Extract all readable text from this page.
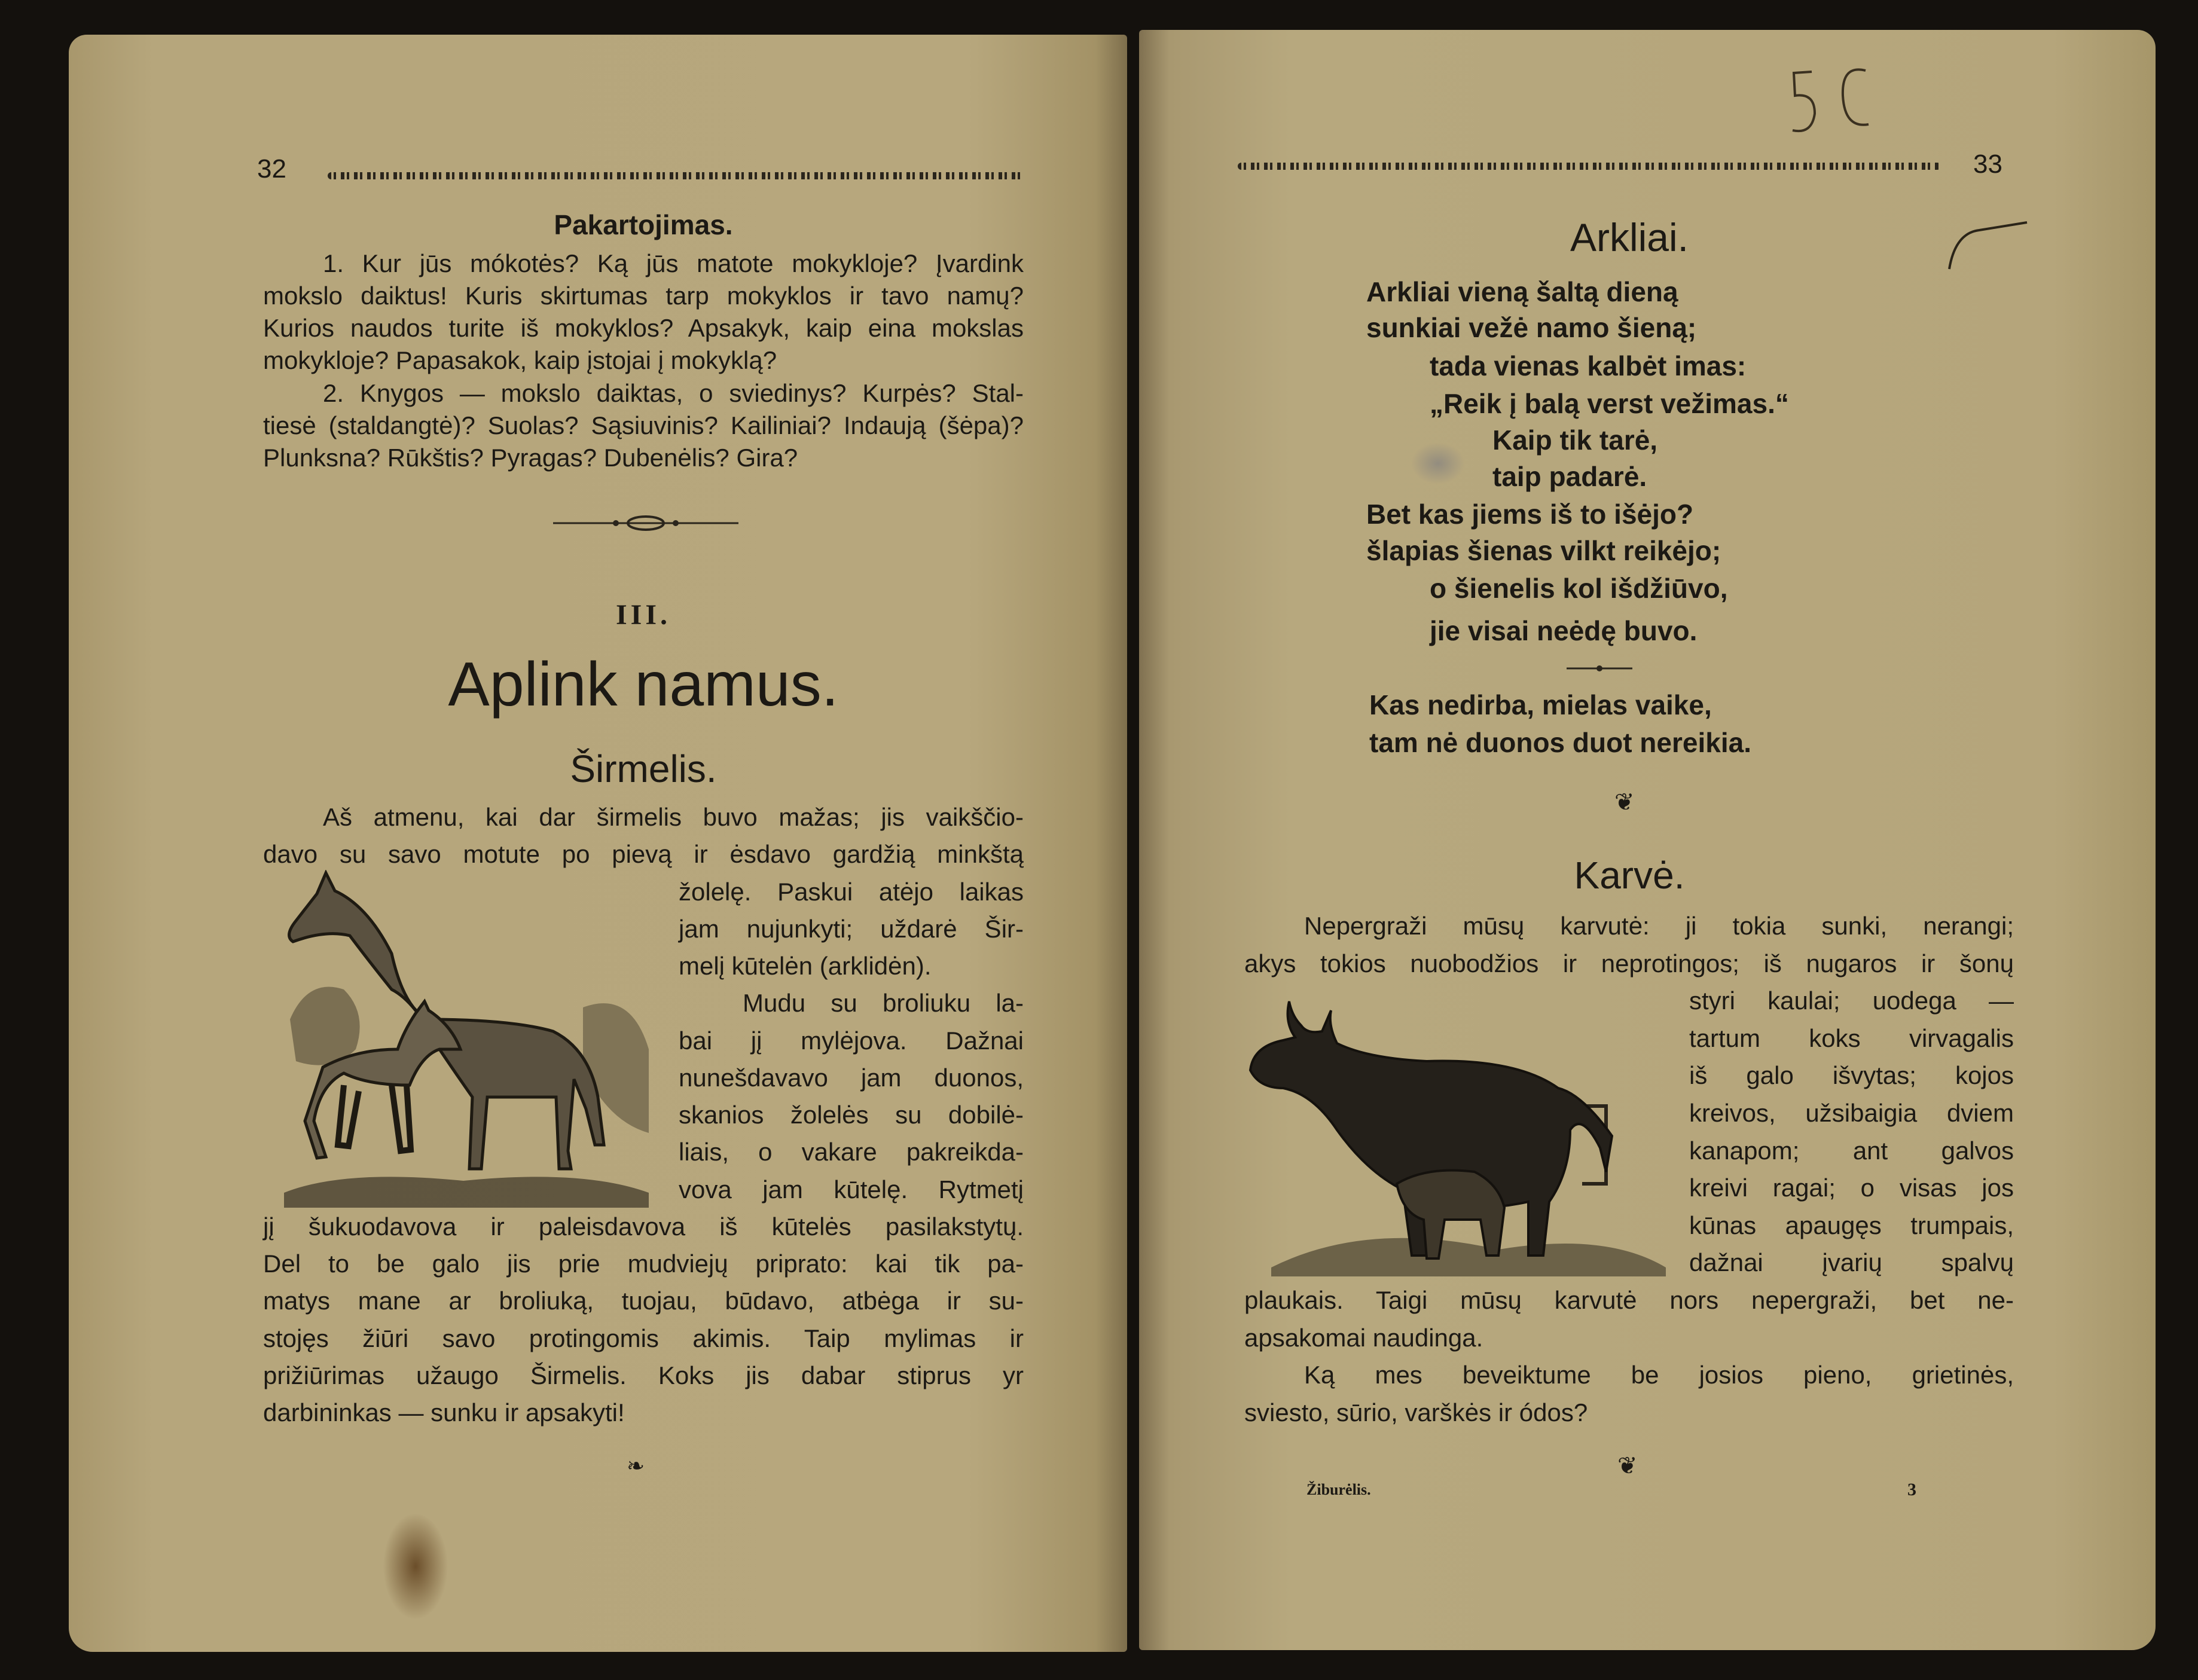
32
Pakartojimas.
III.
Aplink namus.
Širmelis.
❧
33
Arkliai.
❦
Karvė.
Žiburėlis.	3
❦
1. Kur jūs mókotės? Ką jūs matote mokykloje? Įvardink
mokslo daiktus! Kuris skirtumas tarp mokyklos ir tavo namų?
Kurios naudos turite iš mokyklos? Apsakyk, kaip eina mokslas
mokykloje? Papasakok, kaip įstojai į mokyklą?
2. Knygos — mokslo daiktas, o sviedinys? Kurpės? Stal-
tiesė (staldangtė)? Suolas? Sąsiuvinis? Kailiniai? Indaują (šėpa)?
Plunksna? Rūkštis? Pyragas? Dubenėlis? Gira?
Aš atmenu, kai dar širmelis buvo mažas; jis vaikščio-
davo su savo motute po pievą ir ėsdavo gardžią minkštą
žolelę. Paskui atėjo laikas
jam nujunkyti; uždarė Šir-
melį kūtelėn (arklidėn).
Mudu su broliuku la-
bai jį mylėjova. Dažnai
nunešdavavo jam duonos,
skanios žolelės su dobilė-
liais, o vakare pakreikda-
vova jam kūtelę. Rytmetį
jį šukuodavova ir paleisdavova iš kūtelės pasilakstytų.
Del to be galo jis prie mudviejų priprato: kai tik pa-
matys mane ar broliuką, tuojau, būdavo, atbėga ir su-
stojęs žiūri savo protingomis akimis. Taip mylimas ir
prižiūrimas užaugo Širmelis. Koks jis dabar stiprus yr
darbininkas — sunku ir apsakyti!
Arkliai vieną šaltą dieną
sunkiai vežė namo šieną;
tada vienas kalbėt imas:
„Reik į balą verst vežimas.“
Kaip tik tarė,
taip padarė.
Bet kas jiems iš to išėjo?
šlapias šienas vilkt reikėjo;
o šienelis kol išdžiūvo,
jie visai neėdę buvo.
Kas nedirba, mielas vaike,
tam nė duonos duot nereikia.
Nepergraži mūsų karvutė: ji tokia sunki, nerangi;
akys tokios nuobodžios ir neprotingos; iš nugaros ir šonų
styri kaulai; uodega —
tartum koks virvagalis
iš galo išvytas; kojos
kreivos, užsibaigia dviem
kanapom; ant galvos
kreivi ragai; o visas jos
kūnas apaugęs trumpais,
dažnai įvarių spalvų
plaukais. Taigi mūsų karvutė nors nepergraži, bet ne-
apsakomai naudinga.
Ką mes beveiktume be josios pieno, grietinės,
sviesto, sūrio, varškės ir ódos?
